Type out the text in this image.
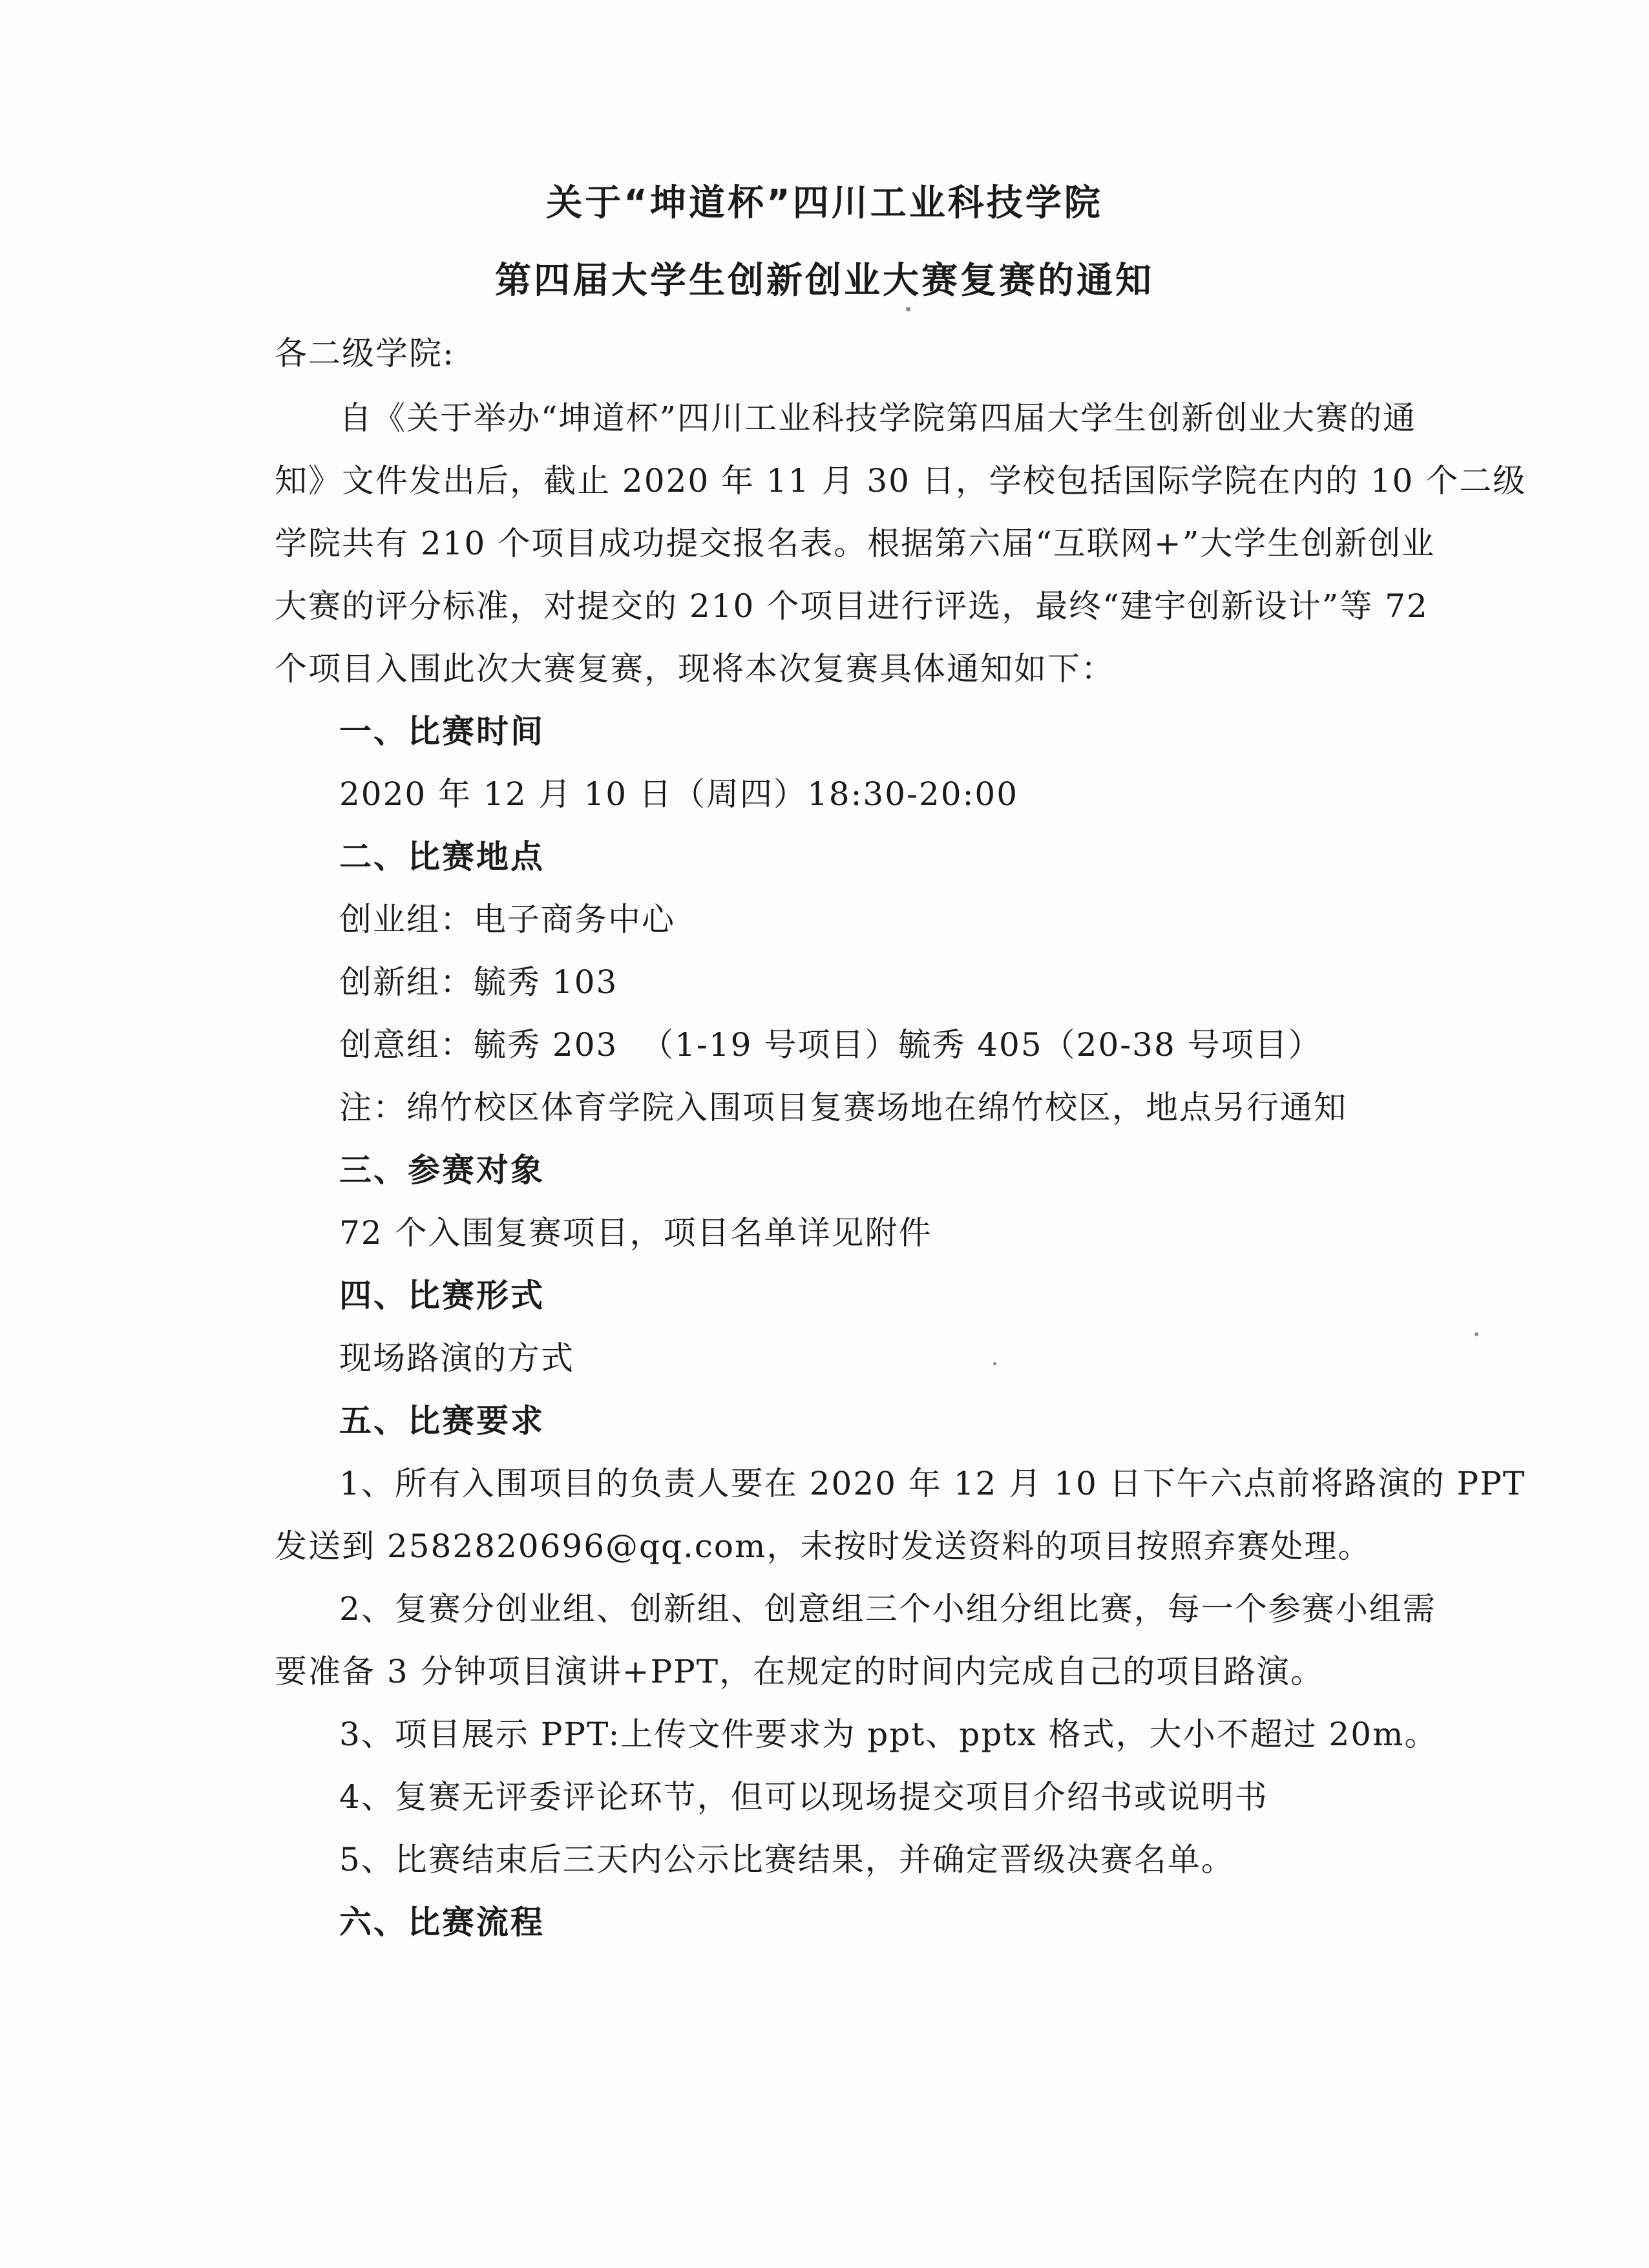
关于“坤道杯”四川工业科技学院
第四届大学生创新创业大赛复赛的通知
各二级学院:
自《关于举办“坤道杯”四川工业科技学院第四届大学生创新创业大赛的通
知》文件发出后，截止 2020 年 11 月 30 日，学校包括国际学院在内的 10 个二级
学院共有 210 个项目成功提交报名表。根据第六届“互联网+”大学生创新创业
大赛的评分标准，对提交的 210 个项目进行评选，最终“建宇创新设计”等 72
个项目入围此次大赛复赛，现将本次复赛具体通知如下：
一、比赛时间
2020 年 12 月 10 日（周四）18:30-20:00
二、比赛地点
创业组：电子商务中心
创新组：毓秀 103
创意组：毓秀 203  （1-19 号项目）毓秀 405（20-38 号项目）
注：绵竹校区体育学院入围项目复赛场地在绵竹校区，地点另行通知
三、参赛对象
72 个入围复赛项目，项目名单详见附件
四、比赛形式
现场路演的方式
五、比赛要求
1、所有入围项目的负责人要在 2020 年 12 月 10 日下午六点前将路演的 PPT
发送到 2582820696@qq.com，未按时发送资料的项目按照弃赛处理。
2、复赛分创业组、创新组、创意组三个小组分组比赛，每一个参赛小组需
要准备 3 分钟项目演讲+PPT，在规定的时间内完成自己的项目路演。
3、项目展示 PPT:上传文件要求为 ppt、pptx 格式，大小不超过 20m。
4、复赛无评委评论环节，但可以现场提交项目介绍书或说明书
5、比赛结束后三天内公示比赛结果，并确定晋级决赛名单。
六、比赛流程
